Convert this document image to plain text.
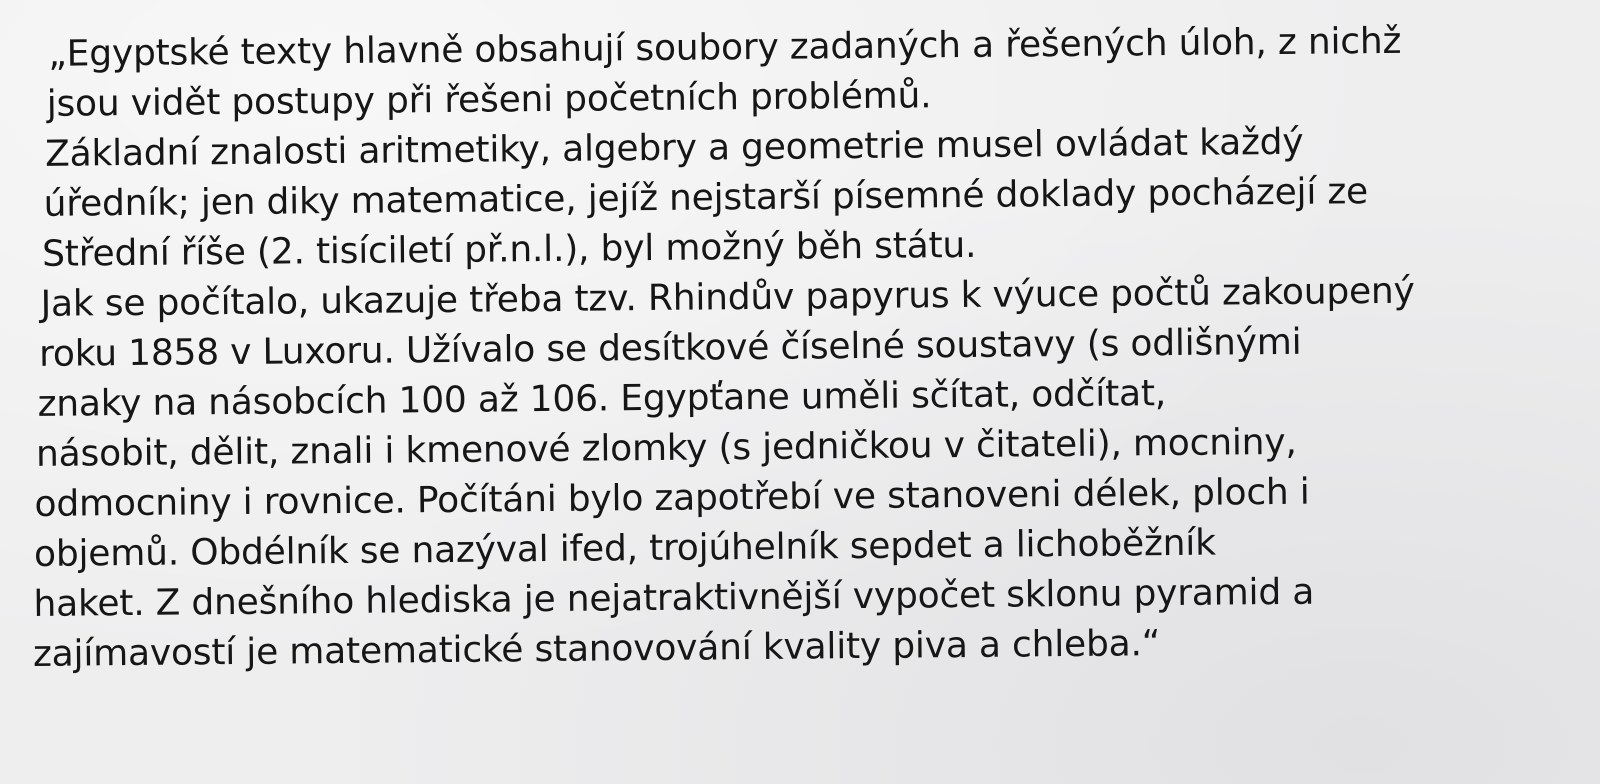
„Egyptské texty hlavně obsahují soubory zadaných a řešených úloh, z nichž
jsou vidět postupy při řešeni početních problémů.
Základní znalosti aritmetiky, algebry a geometrie musel ovládat každý
úředník; jen diky matematice, jejíž nejstarší písemné doklady pocházejí ze
Střední říše (2. tisíciletí př.n.l.), byl možný běh státu.
Jak se počítalo, ukazuje třeba tzv. Rhindův papyrus k výuce počtů zakoupený
roku 1858 v Luxoru. Užívalo se desítkové číselné soustavy (s odlišnými
znaky na násobcích 100 až 106. Egypťane uměli sčítat, odčítat,
násobit, dělit, znali i kmenové zlomky (s jedničkou v čitateli), mocniny,
odmocniny i rovnice. Počítáni bylo zapotřebí ve stanoveni délek, ploch i
objemů. Obdélník se nazýval ifed, trojúhelník sepdet a lichoběžník
haket. Z dnešního hlediska je nejatraktivnější vypočet sklonu pyramid a
zajímavostí je matematické stanovování kvality piva a chleba.“
